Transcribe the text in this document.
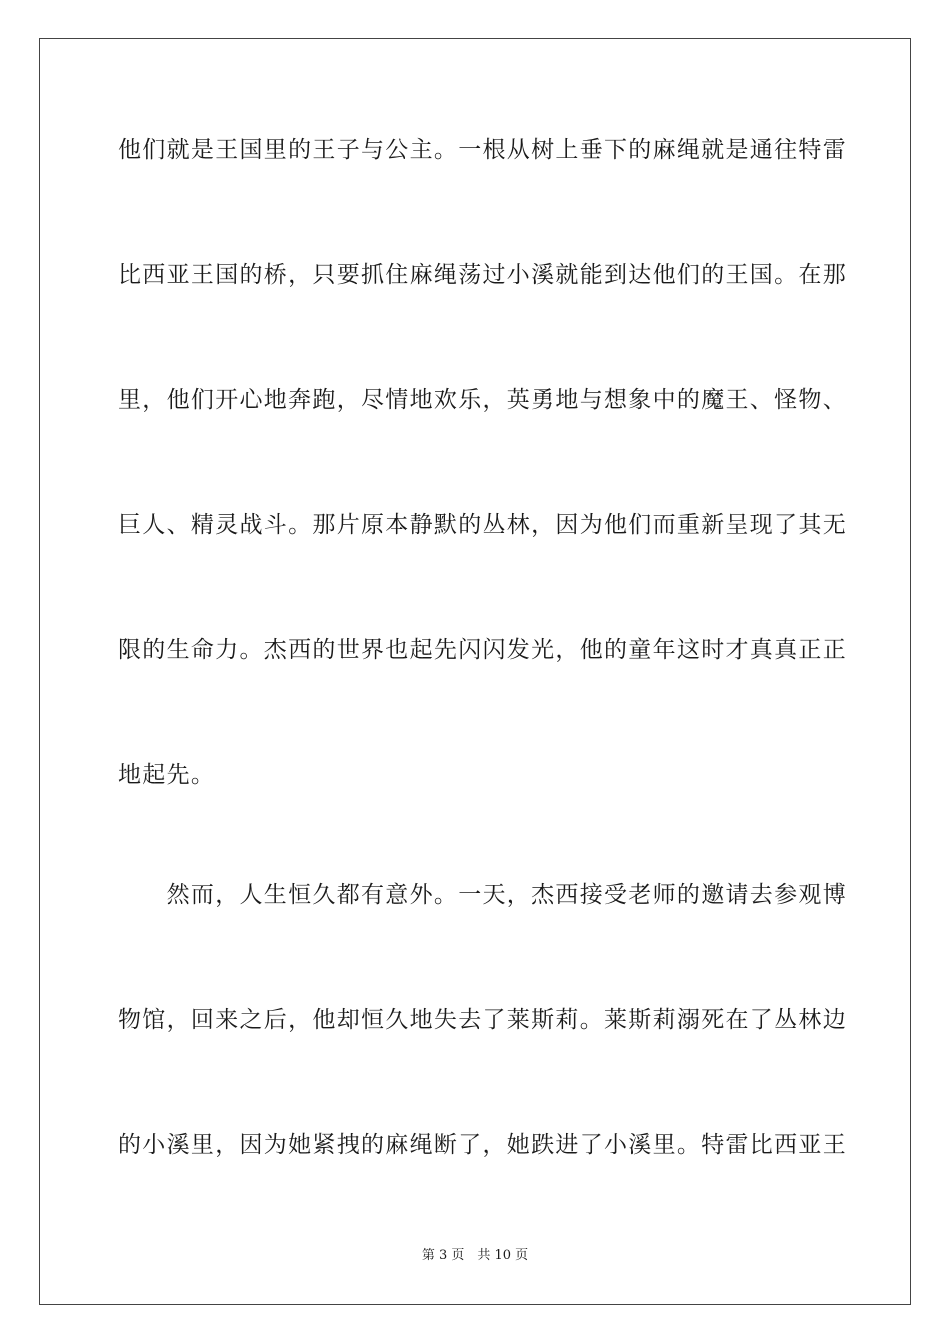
他们就是王国里的王子与公主。一根从树上垂下的麻绳就是通往特雷
比西亚王国的桥，只要抓住麻绳荡过小溪就能到达他们的王国。在那
里，他们开心地奔跑，尽情地欢乐，英勇地与想象中的魔王、怪物、
巨人、精灵战斗。那片原本静默的丛林，因为他们而重新呈现了其无
限的生命力。杰西的世界也起先闪闪发光，他的童年这时才真真正正
地起先。
　　然而，人生恒久都有意外。一天，杰西接受老师的邀请去参观博
物馆，回来之后，他却恒久地失去了莱斯莉。莱斯莉溺死在了丛林边
的小溪里，因为她紧拽的麻绳断了，她跌进了小溪里。特雷比西亚王
第 3 页　共 10 页
